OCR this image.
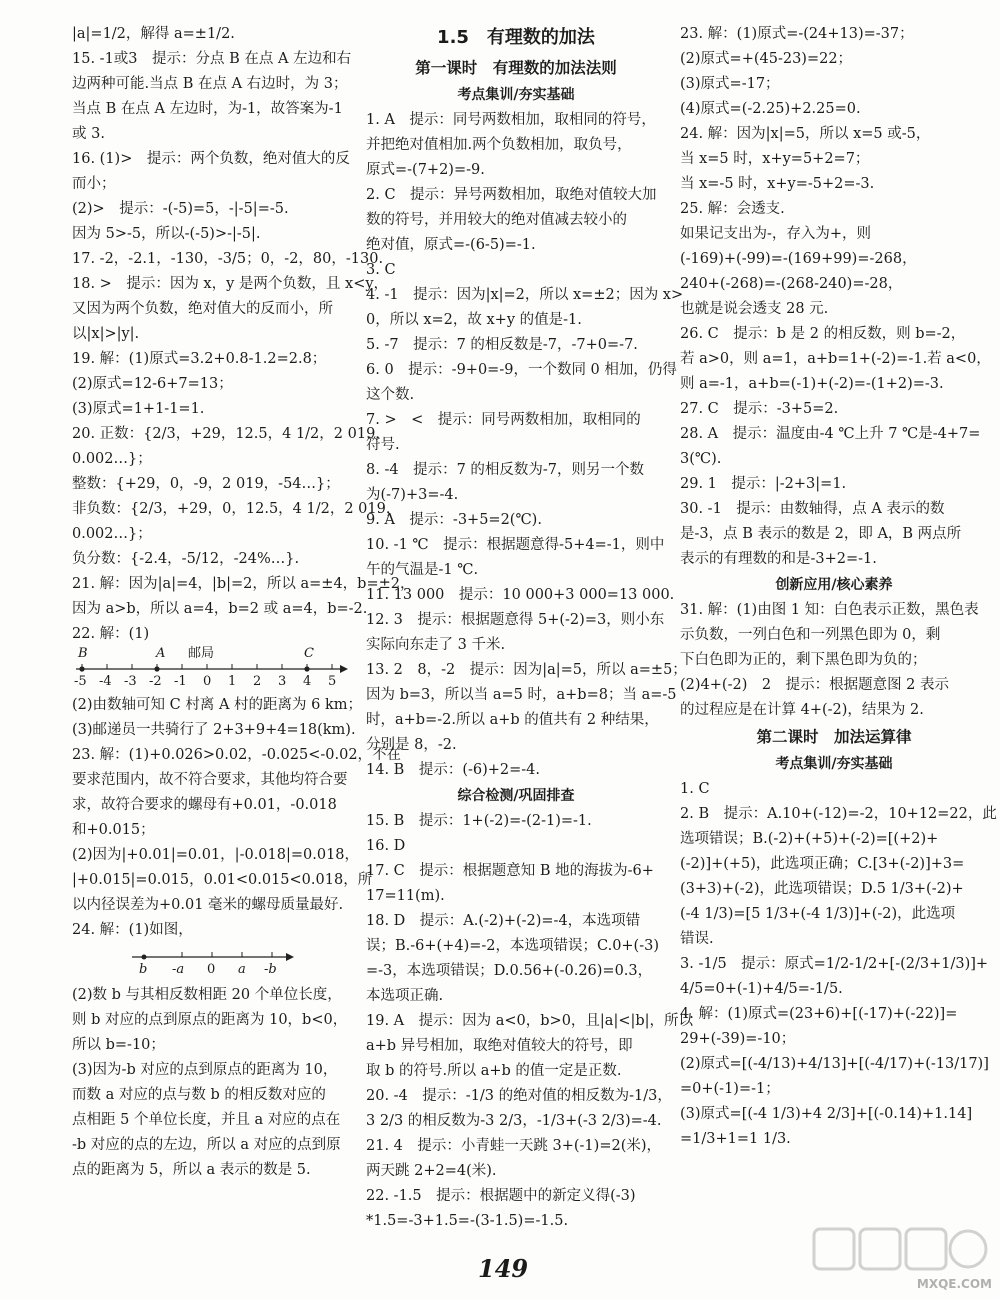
|a|=1/2，解得 a=±1/2.
15. -1或3　提示：分点 B 在点 A 左边和右
边两种可能.当点 B 在点 A 右边时，为 3；
当点 B 在点 A 左边时，为-1，故答案为-1
或 3.
16. (1)>　提示：两个负数，绝对值大的反
而小；
(2)>　提示：-(-5)=5，-|-5|=-5.
因为 5>-5，所以-(-5)>-|-5|.
17. -2，-2.1，-130，-3/5；0，-2，80，-130.
18. >　提示：因为 x，y 是两个负数，且 x<y，
又因为两个负数，绝对值大的反而小，所
以|x|>|y|.
19. 解：(1)原式=3.2+0.8-1.2=2.8；
(2)原式=12-6+7=13；
(3)原式=1+1-1=1.
20. 正数：{2/3，+29，12.5，4 1/2，2 019，
0.002…}；
整数：{+29，0，-9，2 019，-54…}；
非负数：{2/3，+29，0，12.5，4 1/2，2 019，
0.002…}；
负分数：{-2.4，-5/12，-24%…}.
21. 解：因为|a|=4，|b|=2，所以 a=±4，b=±2，
因为 a>b，所以 a=4，b=2 或 a=4，b=-2.
22. 解：(1)
B	A 邮局	C
-5 -4 -3 -2 -1 0 1 2 3 4 5
(2)由数轴可知 C 村离 A 村的距离为 6 km；
(3)邮递员一共骑行了 2+3+9+4=18(km).
23. 解：(1)+0.026>0.02，-0.025<-0.02，不在
要求范围内，故不符合要求，其他均符合要
求，故符合要求的螺母有+0.01，-0.018
和+0.015；
(2)因为|+0.01|=0.01，|-0.018|=0.018，
|+0.015|=0.015，0.01<0.015<0.018，所
以内径误差为+0.01 毫米的螺母质量最好.
24. 解：(1)如图，
b -a 0 a -b
(2)数 b 与其相反数相距 20 个单位长度，
则 b 对应的点到原点的距离为 10，b<0，
所以 b=-10；
(3)因为-b 对应的点到原点的距离为 10，
而数 a 对应的点与数 b 的相反数对应的
点相距 5 个单位长度，并且 a 对应的点在
-b 对应的点的左边，所以 a 对应的点到原
点的距离为 5，所以 a 表示的数是 5.
1.5　有理数的加法
第一课时　有理数的加法法则
考点集训/夯实基础
1. A　提示：同号两数相加，取相同的符号，
并把绝对值相加.两个负数相加，取负号，
原式=-(7+2)=-9.
2. C　提示：异号两数相加，取绝对值较大加
数的符号，并用较大的绝对值减去较小的
绝对值，原式=-(6-5)=-1.
3. C
4. -1　提示：因为|x|=2，所以 x=±2；因为 x>
0，所以 x=2，故 x+y 的值是-1.
5. -7　提示：7 的相反数是-7，-7+0=-7.
6. 0　提示：-9+0=-9，一个数同 0 相加，仍得
这个数.
7. >　<　提示：同号两数相加，取相同的
符号.
8. -4　提示：7 的相反数为-7，则另一个数
为(-7)+3=-4.
9. A　提示：-3+5=2(℃).
10. -1 ℃　提示：根据题意得-5+4=-1，则中
午的气温是-1 ℃.
11. 13 000　提示：10 000+3 000=13 000.
12. 3　提示：根据题意得 5+(-2)=3，则小东
实际向东走了 3 千米.
13. 2　8，-2　提示：因为|a|=5，所以 a=±5；
因为 b=3，所以当 a=5 时，a+b=8；当 a=-5
时，a+b=-2.所以 a+b 的值共有 2 种结果，
分别是 8，-2.
14. B　提示：(-6)+2=-4.
综合检测/巩固排查
15. B　提示：1+(-2)=-(2-1)=-1.
16. D
17. C　提示：根据题意知 B 地的海拔为-6+
17=11(m).
18. D　提示：A.(-2)+(-2)=-4，本选项错
误；B.-6+(+4)=-2，本选项错误；C.0+(-3)
=-3，本选项错误；D.0.56+(-0.26)=0.3，
本选项正确.
19. A　提示：因为 a<0，b>0，且|a|<|b|，所以
a+b 异号相加，取绝对值较大的符号，即
取 b 的符号.所以 a+b 的值一定是正数.
20. -4　提示：-1/3 的绝对值的相反数为-1/3，
3 2/3 的相反数为-3 2/3，-1/3+(-3 2/3)=-4.
21. 4　提示：小青蛙一天跳 3+(-1)=2(米)，
两天跳 2+2=4(米).
22. -1.5　提示：根据题中的新定义得(-3)
*1.5=-3+1.5=-(3-1.5)=-1.5.
23. 解：(1)原式=-(24+13)=-37；
(2)原式=+(45-23)=22；
(3)原式=-17；
(4)原式=(-2.25)+2.25=0.
24. 解：因为|x|=5，所以 x=5 或-5，
当 x=5 时，x+y=5+2=7；
当 x=-5 时，x+y=-5+2=-3.
25. 解：会透支.
如果记支出为-，存入为+，则
(-169)+(-99)=-(169+99)=-268，
240+(-268)=-(268-240)=-28，
也就是说会透支 28 元.
26. C　提示：b 是 2 的相反数，则 b=-2，
若 a>0，则 a=1，a+b=1+(-2)=-1.若 a<0，
则 a=-1，a+b=(-1)+(-2)=-(1+2)=-3.
27. C　提示：-3+5=2.
28. A　提示：温度由-4 ℃上升 7 ℃是-4+7=
3(℃).
29. 1　提示：|-2+3|=1.
30. -1　提示：由数轴得，点 A 表示的数
是-3，点 B 表示的数是 2，即 A，B 两点所
表示的有理数的和是-3+2=-1.
创新应用/核心素养
31. 解：(1)由图 1 知：白色表示正数，黑色表
示负数，一列白色和一列黑色即为 0，剩
下白色即为正的，剩下黑色即为负的；
(2)4+(-2)　2　提示：根据题意图 2 表示
的过程应是在计算 4+(-2)，结果为 2.
第二课时　加法运算律
考点集训/夯实基础
1. C
2. B　提示：A.10+(-12)=-2，10+12=22，此
选项错误；B.(-2)+(+5)+(-2)=[(+2)+
(-2)]+(+5)，此选项正确；C.[3+(-2)]+3=
(3+3)+(-2)，此选项错误；D.5 1/3+(-2)+
(-4 1/3)=[5 1/3+(-4 1/3)]+(-2)，此选项
错误.
3. -1/5　提示：原式=1/2-1/2+[-(2/3+1/3)]+
4/5=0+(-1)+4/5=-1/5.
4. 解：(1)原式=(23+6)+[(-17)+(-22)]=
29+(-39)=-10；
(2)原式=[(-4/13)+4/13]+[(-4/17)+(-13/17)]
=0+(-1)=-1；
(3)原式=[(-4 1/3)+4 2/3]+[(-0.14)+1.14]
=1/3+1=1 1/3.
149
MXQE.COM
